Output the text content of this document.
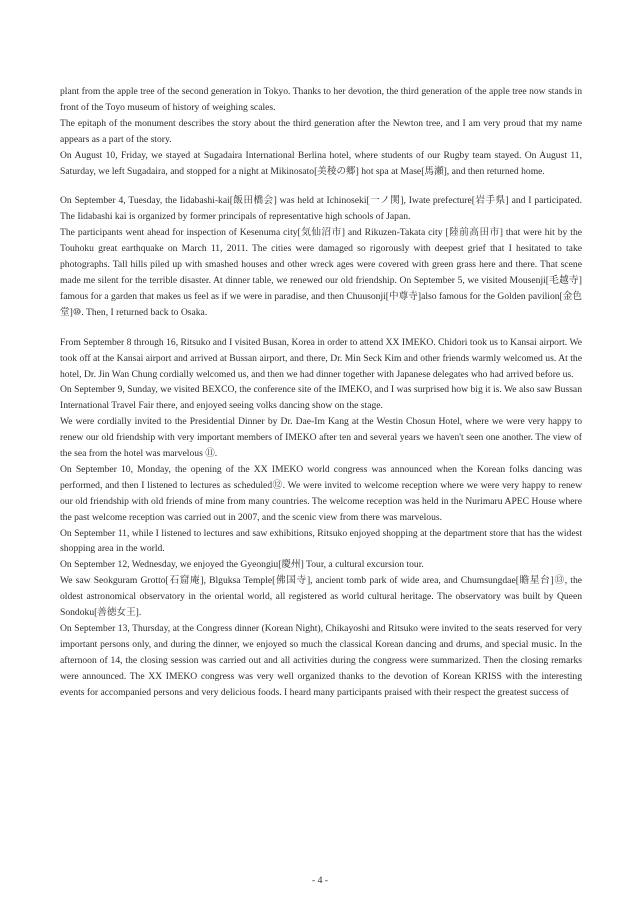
plant from the apple tree of the second generation in Tokyo. Thanks to her devotion, the third generation of the apple tree now stands in front of the Toyo museum of history of weighing scales.

The epitaph of the monument describes the story about the third generation after the Newton tree, and I am very proud that my name appears as a part of the story.

On August 10, Friday, we stayed at Sugadaira International Berlina hotel, where students of our Rugby team stayed. On August 11, Saturday, we left Sugadaira, and stopped for a night at Mikinosato[美稜の郷] hot spa at Mase[馬瀬], and then returned home.

On September 4, Tuesday, the Iidabashi-kai[飯田橋会] was held at Ichinoseki[一ノ関], Iwate prefecture[岩手県] and I participated. The Iidabashi kai is organized by former principals of representative high schools of Japan.

The participants went ahead for inspection of Kesenuma city[気仙沼市] and Rikuzen-Takata city [陸前高田市] that were hit by the Touhoku great earthquake on March 11, 2011. The cities were damaged so rigorously with deepest grief that I hesitated to take photographs. Tall hills piled up with smashed houses and other wreck ages were covered with green grass here and there. That scene made me silent for the terrible disaster. At dinner table, we renewed our old friendship. On September 5, we visited Mousenji[毛越寺] famous for a garden that makes us feel as if we were in paradise, and then Chuusonji[中尊寺]also famous for the Golden pavilion[金色堂]⑩. Then, I returned back to Osaka.

From September 8 through 16, Ritsuko and I visited Busan, Korea in order to attend XX IMEKO. Chidori took us to Kansai airport. We took off at the Kansai airport and arrived at Bussan airport, and there, Dr. Min Seck Kim and other friends warmly welcomed us. At the hotel, Dr. Jin Wan Chung cordially welcomed us, and then we had dinner together with Japanese delegates who had arrived before us.

On September 9, Sunday, we visited BEXCO, the conference site of the IMEKO, and I was surprised how big it is. We also saw Bussan International Travel Fair there, and enjoyed seeing volks dancing show on the stage.

We were cordially invited to the Presidential Dinner by Dr. Dae-Im Kang at the Westin Chosun Hotel, where we were very happy to renew our old friendship with very important members of IMEKO after ten and several years we haven't seen one another. The view of the sea from the hotel was marvelous ⑪.

On September 10, Monday, the opening of the XX IMEKO world congress was announced when the Korean folks dancing was performed, and then I listened to lectures as scheduled⑫. We were invited to welcome reception where we were very happy to renew our old friendship with old friends of mine from many countries. The welcome reception was held in the Nurimaru APEC House where the past welcome reception was carried out in 2007, and the scenic view from there was marvelous.

On September 11, while I listened to lectures and saw exhibitions, Ritsuko enjoyed shopping at the department store that has the widest shopping area in the world.

On September 12, Wednesday, we enjoyed the Gyeongiu[慶州] Tour, a cultural excursion tour.

We saw Seokguram Grotto[石窟庵], Blguksa Temple[佛国寺], ancient tomb park of wide area, and Chumsungdae[瞻星台]⑬, the oldest astronomical observatory in the oriental world, all registered as world cultural heritage. The observatory was built by Queen Sondoku[善徳女王].

On September 13, Thursday, at the Congress dinner (Korean Night), Chikayoshi and Ritsuko were invited to the seats reserved for very important persons only, and during the dinner, we enjoyed so much the classical Korean dancing and drums, and special music. In the afternoon of 14, the closing session was carried out and all activities during the congress were summarized. Then the closing remarks were announced. The XX IMEKO congress was very well organized thanks to the devotion of Korean KRISS with the interesting events for accompanied persons and very delicious foods. I heard many participants praised with their respect the greatest success of

- 4 -
